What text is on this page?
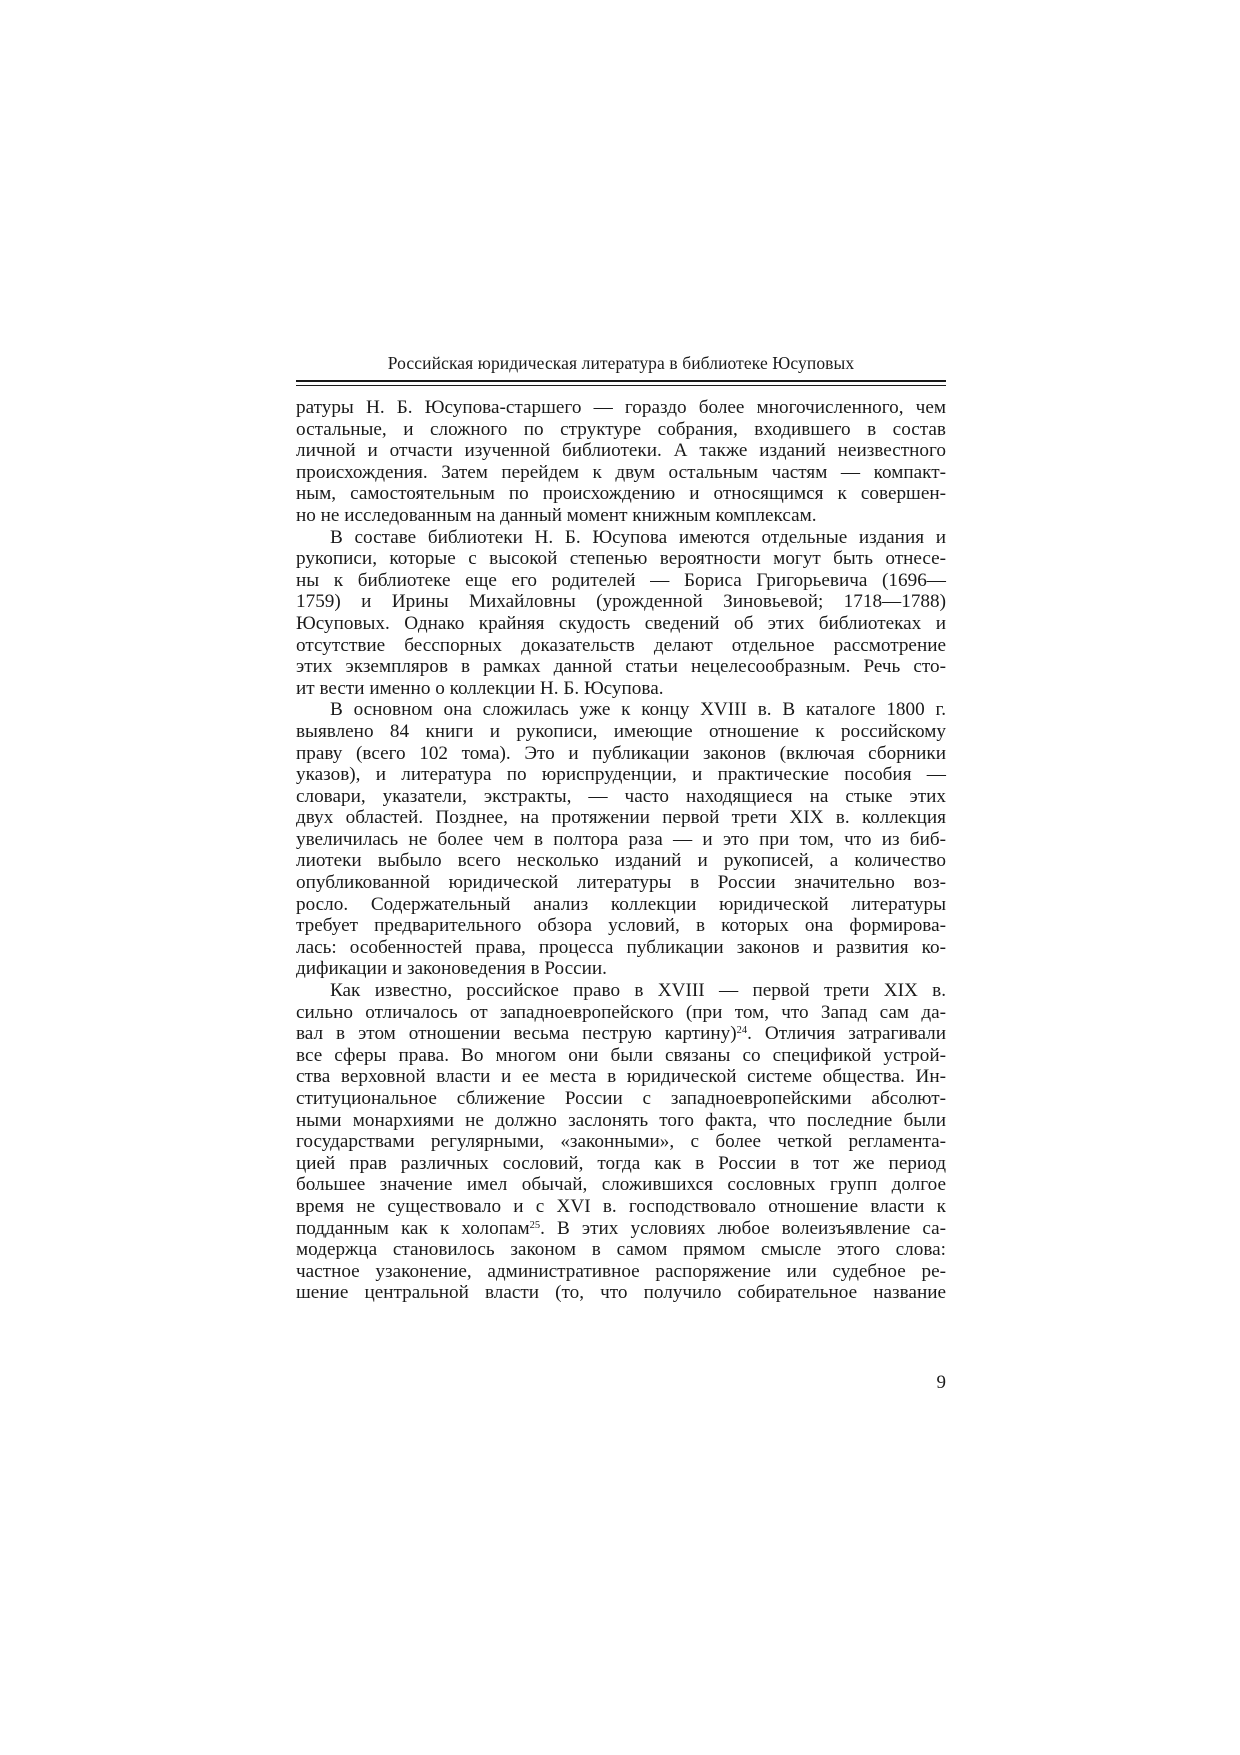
Российская юридическая литература в библиотеке Юсуповых
ратуры Н. Б. Юсупова-старшего — гораздо более многочисленного, чем
остальные, и сложного по структуре собрания, входившего в состав
личной и отчасти изученной библиотеки. А также изданий неизвестного
происхождения. Затем перейдем к двум остальным частям — компакт-
ным, самостоятельным по происхождению и относящимся к совершен-
но не исследованным на данный момент книжным комплексам.
В составе библиотеки Н. Б. Юсупова имеются отдельные издания и
рукописи, которые с высокой степенью вероятности могут быть отнесе-
ны к библиотеке еще его родителей — Бориса Григорьевича (1696—
1759) и Ирины Михайловны (урожденной Зиновьевой; 1718—1788)
Юсуповых. Однако крайняя скудость сведений об этих библиотеках и
отсутствие бесспорных доказательств делают отдельное рассмотрение
этих экземпляров в рамках данной статьи нецелесообразным. Речь сто-
ит вести именно о коллекции Н. Б. Юсупова.
В основном она сложилась уже к концу XVIII в. В каталоге 1800 г.
выявлено 84 книги и рукописи, имеющие отношение к российскому
праву (всего 102 тома). Это и публикации законов (включая сборники
указов), и литература по юриспруденции, и практические пособия —
словари, указатели, экстракты, — часто находящиеся на стыке этих
двух областей. Позднее, на протяжении первой трети XIX в. коллекция
увеличилась не более чем в полтора раза — и это при том, что из биб-
лиотеки выбыло всего несколько изданий и рукописей, а количество
опубликованной юридической литературы в России значительно воз-
росло. Содержательный анализ коллекции юридической литературы
требует предварительного обзора условий, в которых она формирова-
лась: особенностей права, процесса публикации законов и развития ко-
дификации и законоведения в России.
Как известно, российское право в XVIII — первой трети XIX в.
сильно отличалось от западноевропейского (при том, что Запад сам да-
вал в этом отношении весьма пеструю картину)$^{24}$. Отличия затрагивали
все сферы права. Во многом они были связаны со спецификой устрой-
ства верховной власти и ее места в юридической системе общества. Ин-
ституциональное сближение России с западноевропейскими абсолют-
ными монархиями не должно заслонять того факта, что последние были
государствами регулярными, «законными», с более четкой регламента-
цией прав различных сословий, тогда как в России в тот же период
большее значение имел обычай, сложившихся сословных групп долгое
время не существовало и с XVI в. господствовало отношение власти к
подданным как к холопам$^{25}$. В этих условиях любое волеизъявление са-
модержца становилось законом в самом прямом смысле этого слова:
частное узаконение, административное распоряжение или судебное ре-
шение центральной власти (то, что получило собирательное название
9
